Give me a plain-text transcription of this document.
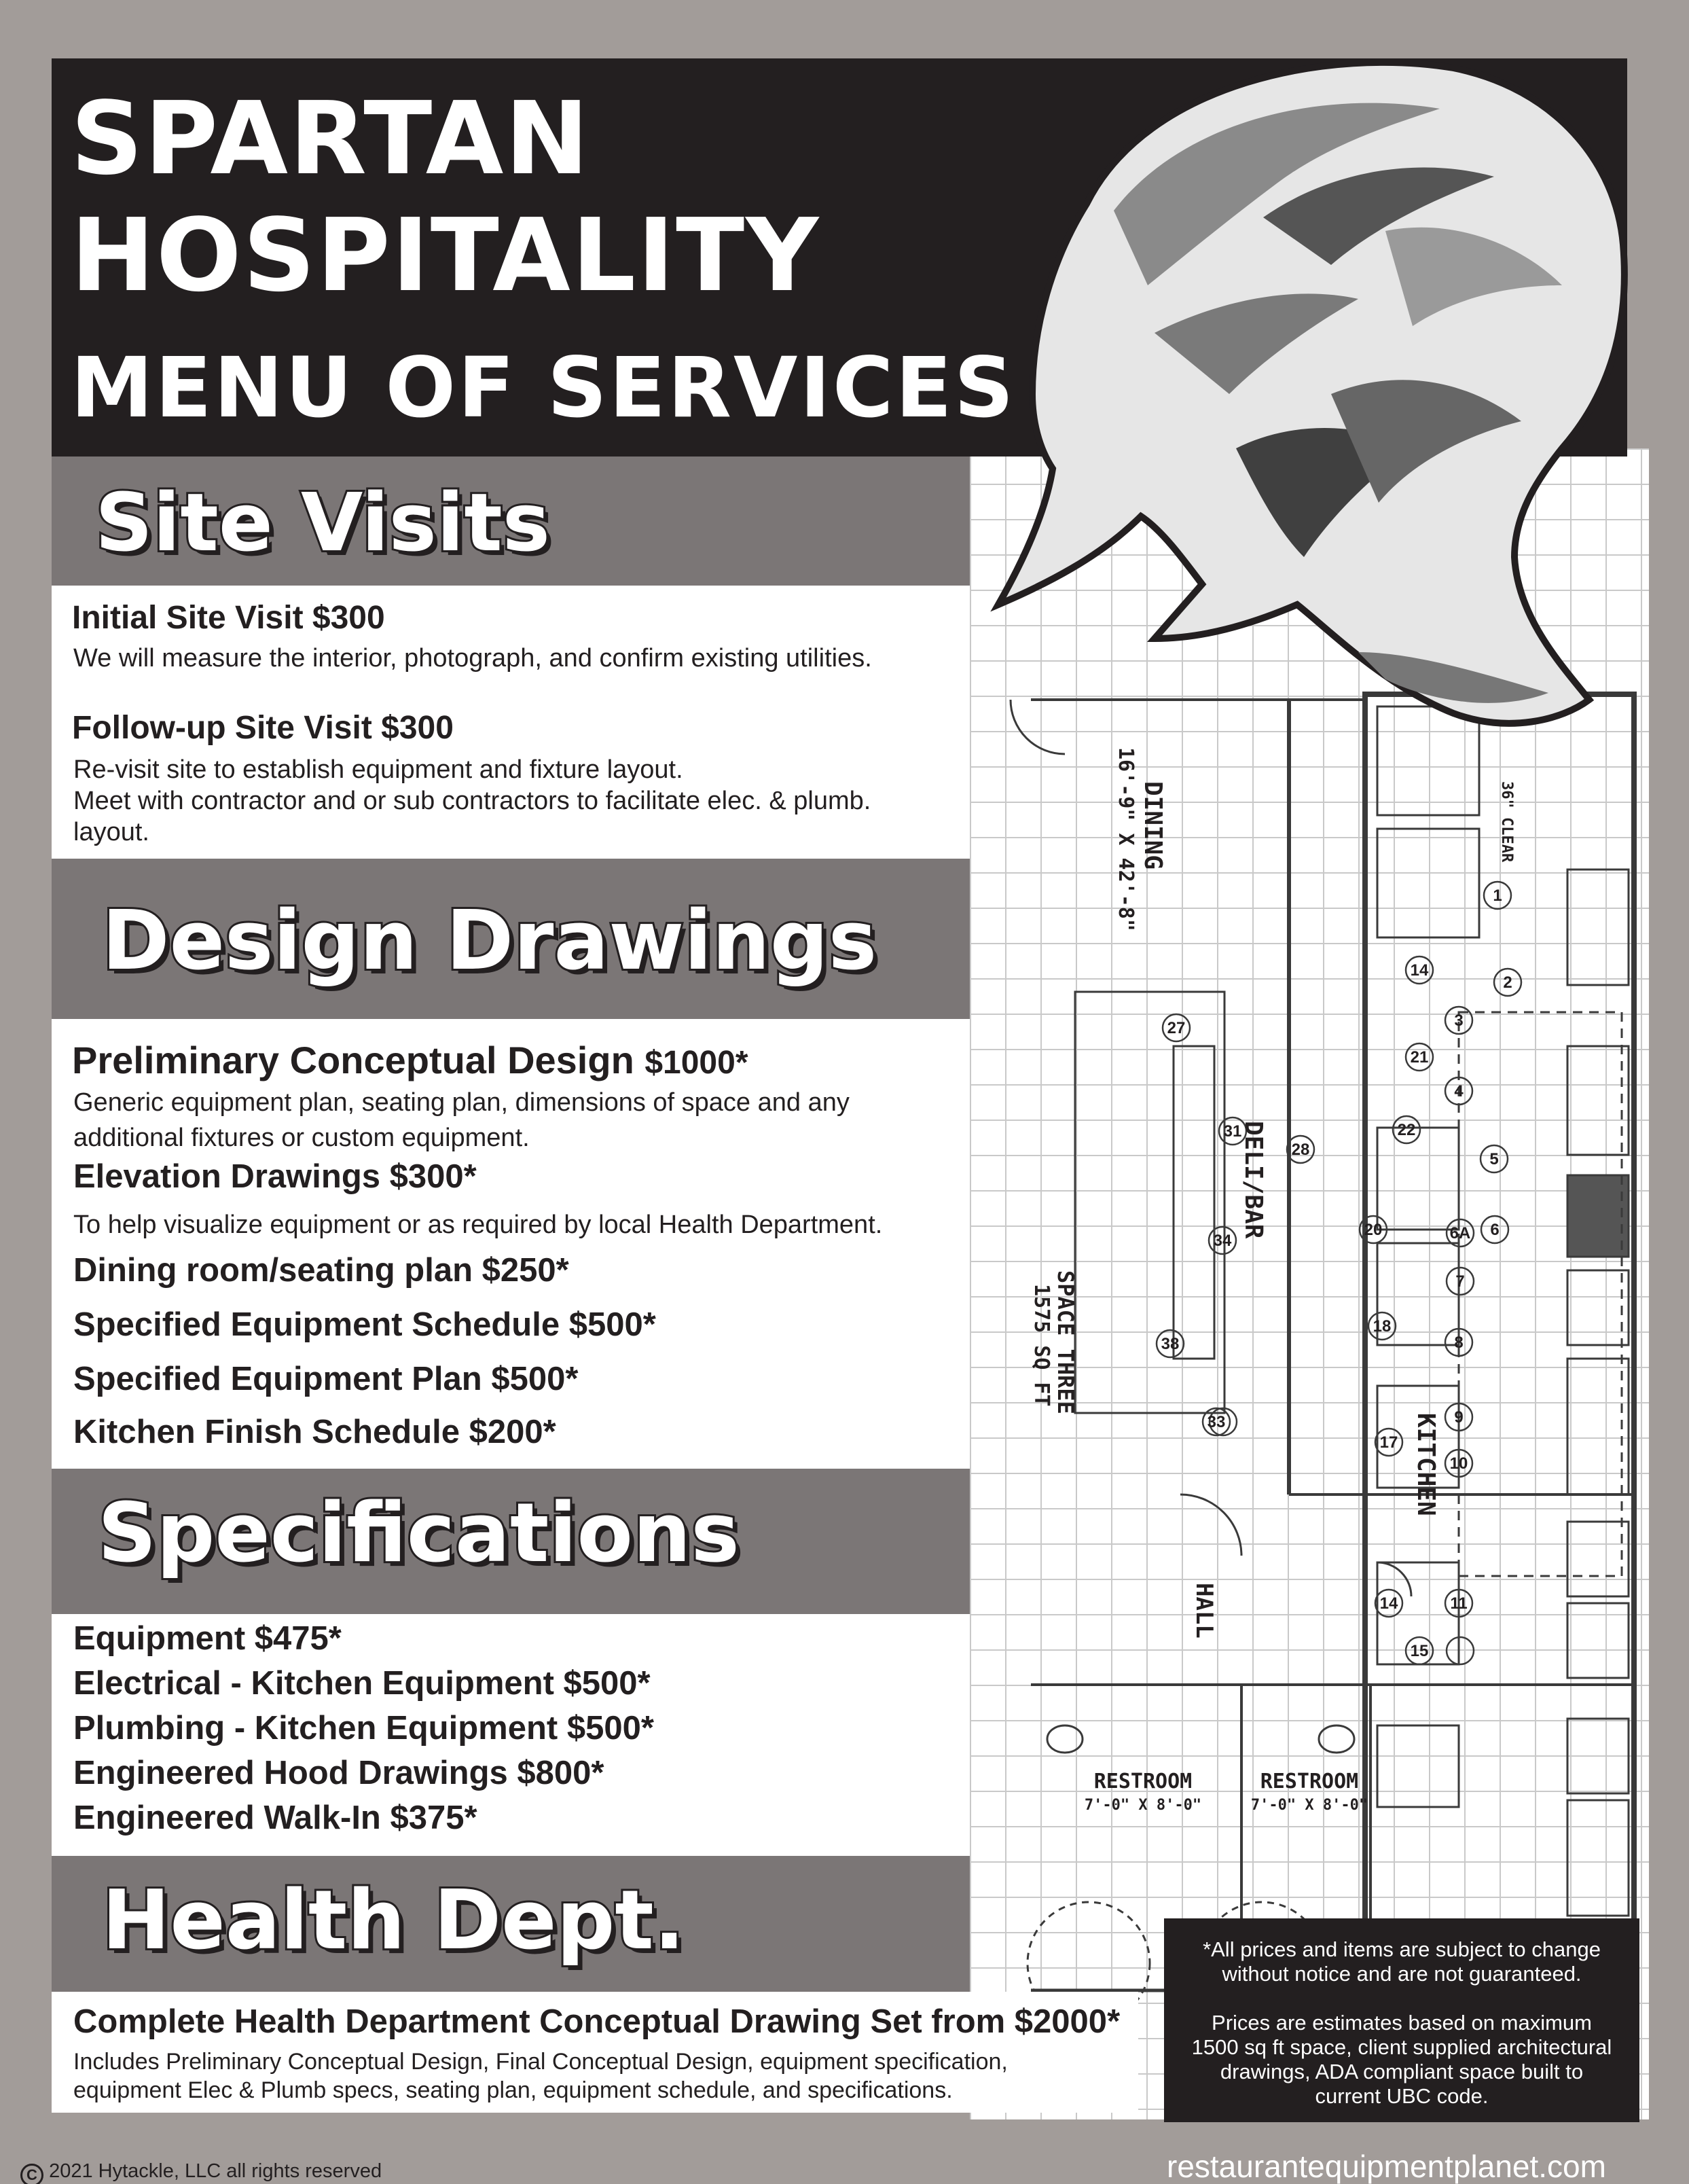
1
2
3
4
5
6
6A
7
8
9
10
11
14
15
14
17
18
20
21
22
27
28
31
34
33
38
DINING
16'-9" X 42'-8"
DELI/BAR
SPACE THREE
1575 SQ FT
KITCHEN
HALL
RESTROOM
7'-0" X 8'-0"
RESTROOM
7'-0" X 8'-0"
36" CLEAR
SPARTAN
HOSPITALITY
MENU OF SERVICES
Site Visits

Initial Site Visit $300

We will measure the interior, photograph, and confirm existing utilities.

Follow-up Site Visit $300

Re-visit site to establish equipment and fixture layout.

Meet with contractor and or sub contractors to facilitate elec. & plumb.

layout.

Design Drawings

Preliminary Conceptual Design $1000*

Generic equipment plan, seating plan, dimensions of space and any

additional fixtures or custom equipment.

Elevation Drawings $300*

To help visualize equipment or as required by local Health Department.

Dining room/seating plan $250*

Specified Equipment Schedule $500*

Specified Equipment Plan $500*

Kitchen Finish Schedule $200*

Specifications

Equipment $475*

Electrical - Kitchen Equipment $500*

Plumbing - Kitchen Equipment $500*

Engineered Hood Drawings $800*

Engineered Walk-In $375*

Health Dept.

Complete Health Department Conceptual Drawing Set from $2000*

Includes Preliminary Conceptual Design, Final Conceptual Design, equipment specification,

equipment Elec & Plumb specs, seating plan, equipment schedule, and specifications.

*All prices and items are subject to change

without notice and are not guaranteed.

Prices are estimates based on maximum

1500 sq ft space, client supplied architectural

drawings, ADA compliant space built to

current UBC code.

C 2021 Hytackle, LLC all rights reserved	restaurantequipmentplanet.com
